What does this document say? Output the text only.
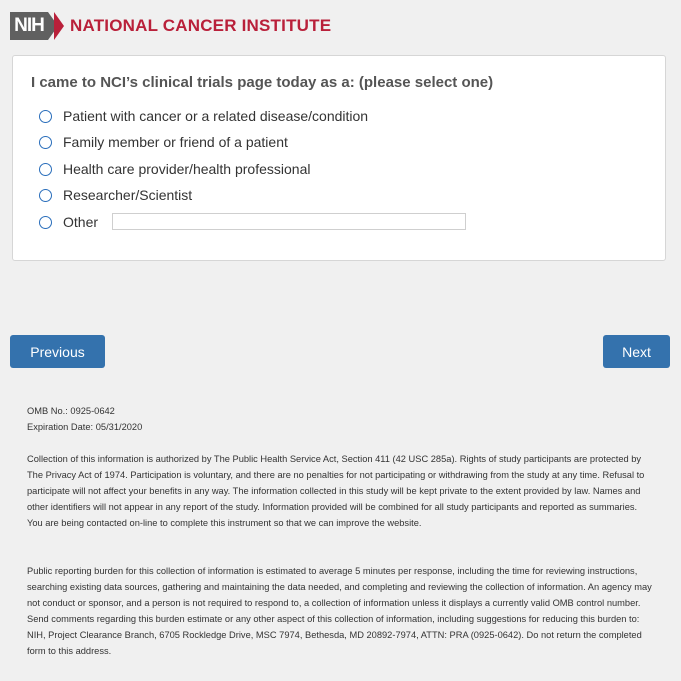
NIH NATIONAL CANCER INSTITUTE
I came to NCI’s clinical trials page today as a: (please select one)
Patient with cancer or a related disease/condition
Family member or friend of a patient
Health care provider/health professional
Researcher/Scientist
Other
Previous	Next

OMB No.: 0925-0642

Expiration Date: 05/31/2020

Collection of this information is authorized by The Public Health Service Act, Section 411 (42 USC 285a). Rights of study participants are protected by The Privacy Act of 1974. Participation is voluntary, and there are no penalties for not participating or withdrawing from the study at any time. Refusal to participate will not affect your benefits in any way. The information collected in this study will be kept private to the extent provided by law. Names and other identifiers will not appear in any report of the study. Information provided will be combined for all study participants and reported as summaries. You are being contacted on-line to complete this instrument so that we can improve the website.

Public reporting burden for this collection of information is estimated to average 5 minutes per response, including the time for reviewing instructions, searching existing data sources, gathering and maintaining the data needed, and completing and reviewing the collection of information. An agency may not conduct or sponsor, and a person is not required to respond to, a collection of information unless it displays a currently valid OMB control number. Send comments regarding this burden estimate or any other aspect of this collection of information, including suggestions for reducing this burden to: NIH, Project Clearance Branch, 6705 Rockledge Drive, MSC 7974, Bethesda, MD 20892-7974, ATTN: PRA (0925-0642). Do not return the completed form to this address.
